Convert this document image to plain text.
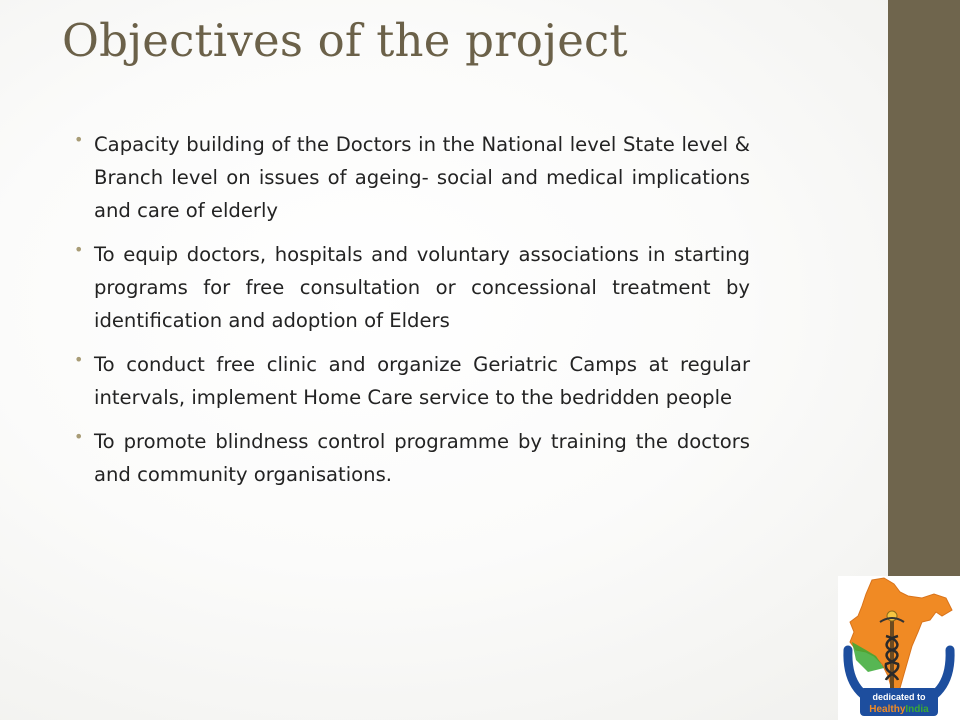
Objectives of the project
• Capacity building of the Doctors in the National level State level & Branch level on issues of ageing- social and medical implications and care of elderly
• To equip doctors, hospitals and voluntary associations in starting programs for free consultation or concessional treatment by identification and adoption of Elders
• To conduct free clinic and organize Geriatric Camps at regular intervals, implement Home Care service to the bedridden people
• To promote blindness control programme by training the doctors and community organisations.
dedicated to
HealthyIndia
